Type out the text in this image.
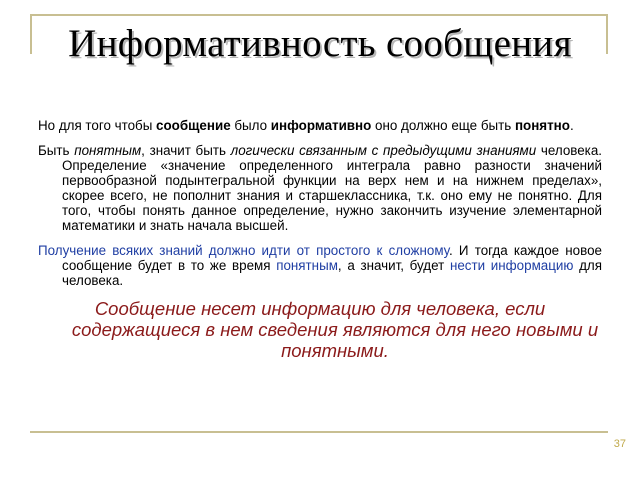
Информативность сообщения

Но для того чтобы сообщение было информативно оно должно еще быть понятно.

Быть понятным, значит быть логически связанным с предыдущими знаниями человека. Определение «значение определенного интеграла равно разности значений первообразной подынтегральной функции на верх нем и на нижнем пределах», скорее всего, не пополнит знания и старшеклассника, т.к. оно ему не понятно. Для того, чтобы понять данное определение, нужно закончить изучение элементарной математики и знать начала высшей.

Получение всяких знаний должно идти от простого к сложному. И тогда каждое новое сообщение будет в то же время понятным, а значит, будет нести информацию для человека.

Сообщение несет информацию для человека, если содержащиеся в нем сведения являются для него новыми и понятными.

37
